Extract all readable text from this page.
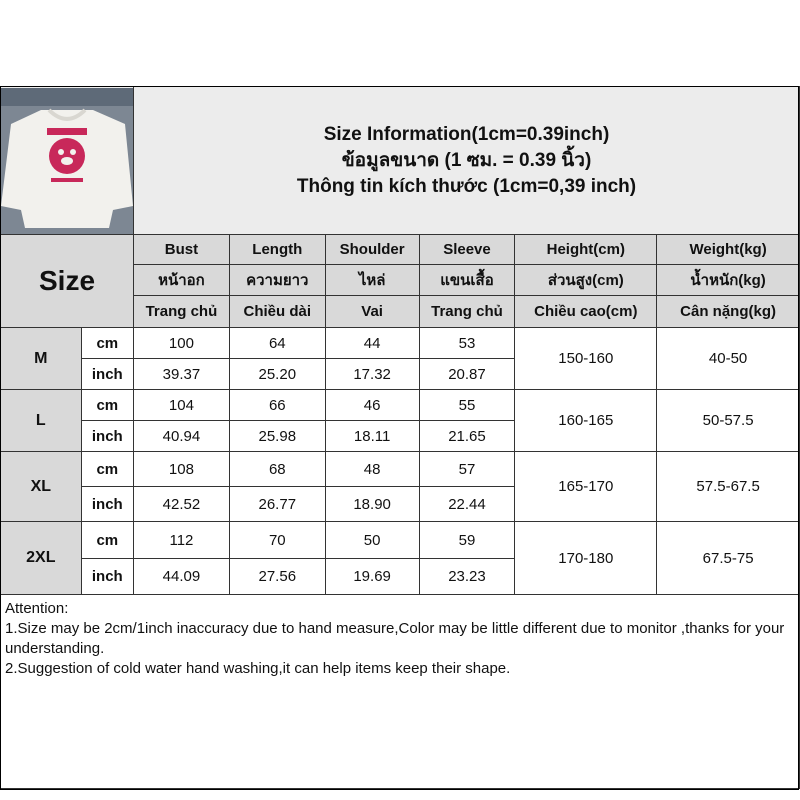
Size Information(1cm=0.39inch)
ข้อมูลขนาด (1 ซม. = 0.39 นิ้ว)
Thông tin kích thước (1cm=0,39 inch)					

Size		Bust	Length	Shoulder	Sleeve	Height(cm)	Weight(kg)
		หน้าอก	ความยาว	ไหล่	แขนเสื้อ	ส่วนสูง(cm)	น้ำหนัก(kg)
		Trang chủ	Chiều dài	Vai	Trang chủ	Chiều cao(cm)	Cân nặng(kg)
M	cm	100	64	44	53	150-160	40-50
	inch	39.37	25.20	17.32	20.87		
L	cm	104	66	46	55	160-165	50-57.5
	inch	40.94	25.98	18.11	21.65		
XL	cm	108	68	48	57	165-170	57.5-67.5
	inch	42.52	26.77	18.90	22.44		
2XL	cm	112	70	50	59	170-180	67.5-75
	inch	44.09	27.56	19.69	23.23		

Attention:
1.Size may be 2cm/1inch inaccuracy due to hand measure,Color may be little different due to monitor ,thanks for your understanding.
2.Suggestion of cold water hand washing,it can help items keep their shape.							
